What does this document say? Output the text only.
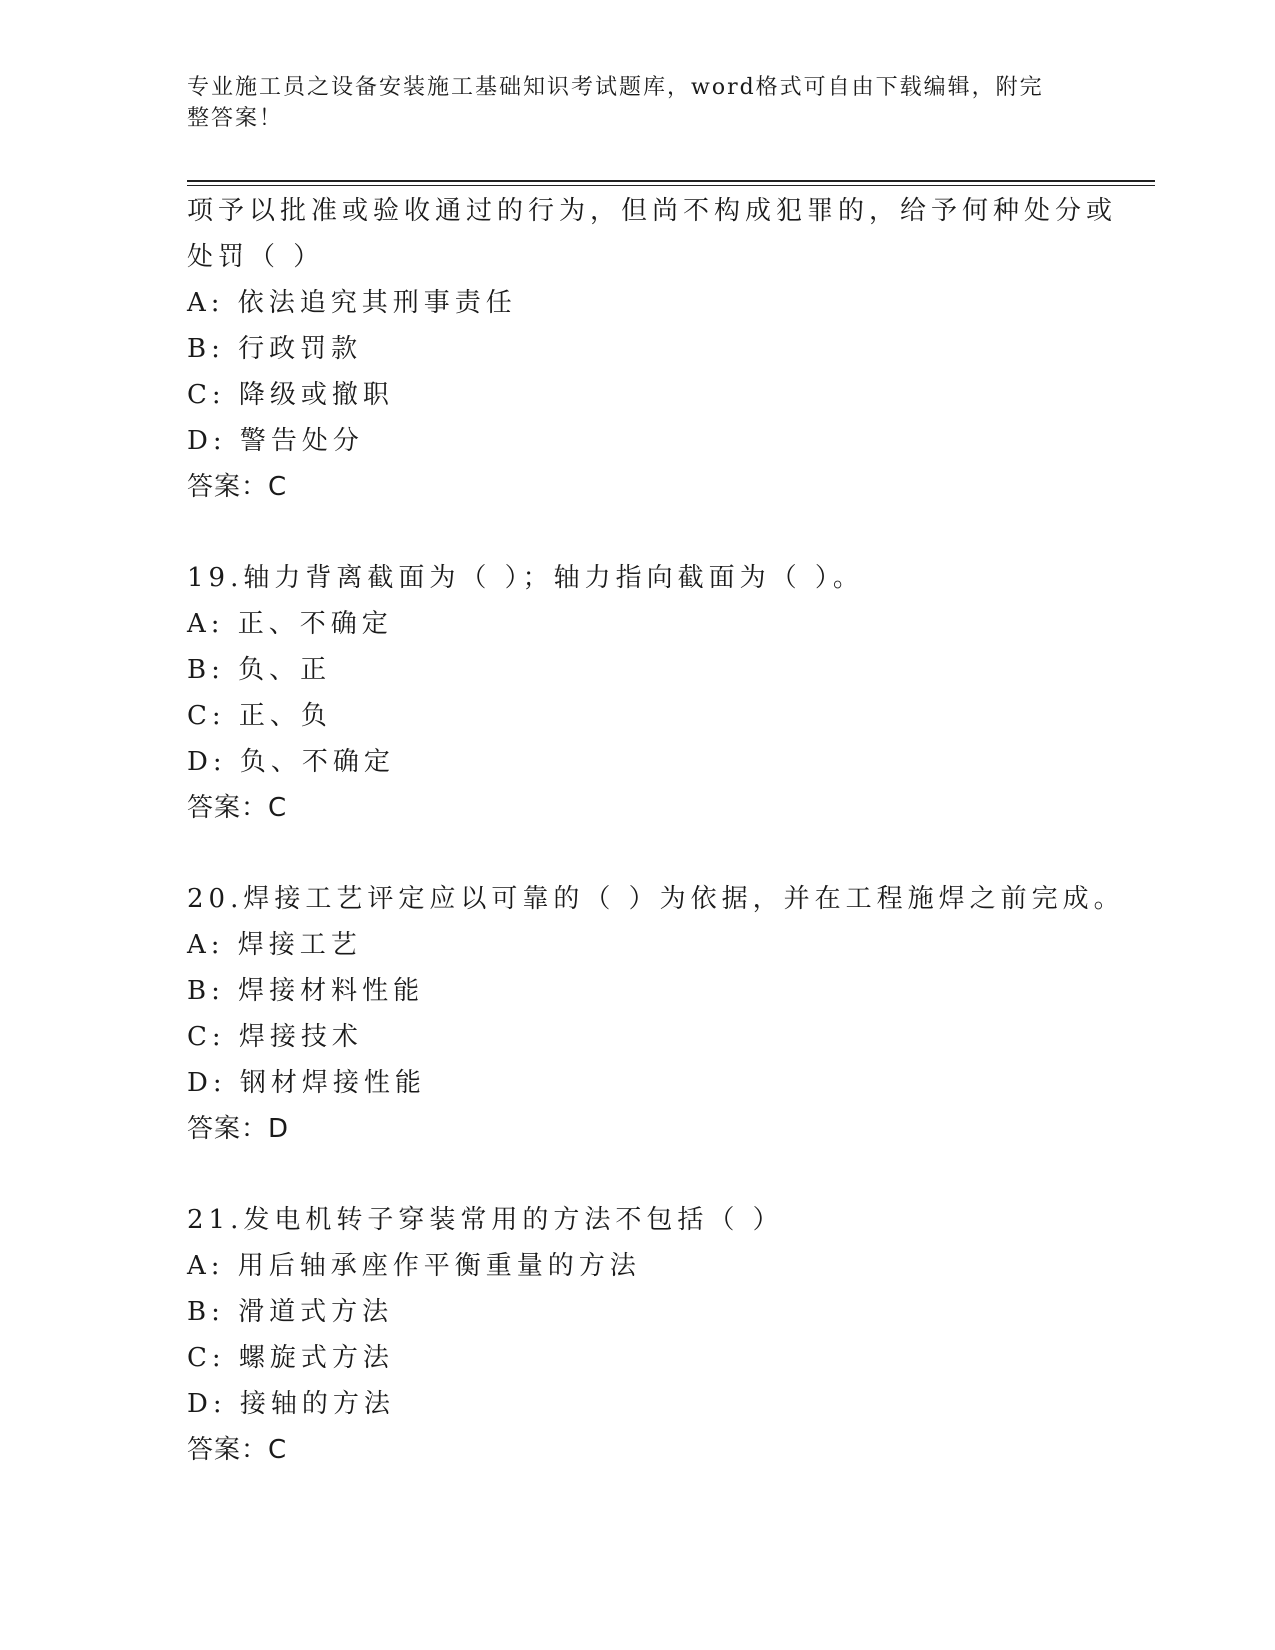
专业施工员之设备安装施工基础知识考试题库，word格式可自由下载编辑，附完
整答案！
项予以批准或验收通过的行为，但尚不构成犯罪的，给予何种处分或
处罚（ ）
A: 依法追究其刑事责任
B: 行政罚款
C: 降级或撤职
D: 警告处分
答案：C
19.轴力背离截面为（ ）；轴力指向截面为（ ）。
A: 正、不确定
B: 负、正
C: 正、负
D: 负、不确定
答案：C
20.焊接工艺评定应以可靠的（ ）为依据，并在工程施焊之前完成。
A: 焊接工艺
B: 焊接材料性能
C: 焊接技术
D: 钢材焊接性能
答案：D
21.发电机转子穿装常用的方法不包括（ ）
A: 用后轴承座作平衡重量的方法
B: 滑道式方法
C: 螺旋式方法
D: 接轴的方法
答案：C
